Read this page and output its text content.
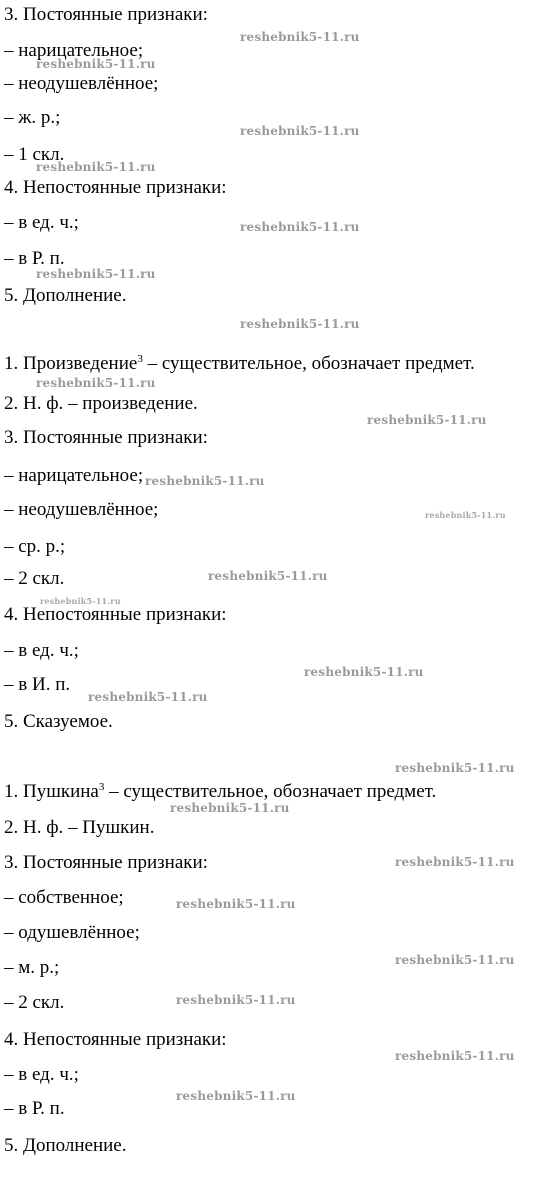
3. Постоянные признаки:
– нарицательное;
– неодушевлённое;
– ж. р.;
– 1 скл.
4. Непостоянные признаки:
– в ед. ч.;
– в Р. п.
5. Дополнение.
1. Произведение$^3$ – существительное, обозначает предмет.
2. Н. ф. – произведение.
3. Постоянные признаки:
– нарицательное;
– неодушевлённое;
– ср. р.;
– 2 скл.
4. Непостоянные признаки:
– в ед. ч.;
– в И. п.
5. Сказуемое.
1. Пушкина$^3$ – существительное, обозначает предмет.
2. Н. ф. – Пушкин.
3. Постоянные признаки:
– собственное;
– одушевлённое;
– м. р.;
– 2 скл.
4. Непостоянные признаки:
– в ед. ч.;
– в Р. п.
5. Дополнение.
reshebnik5-11.ru
reshebnik5-11.ru
reshebnik5-11.ru
reshebnik5-11.ru
reshebnik5-11.ru
reshebnik5-11.ru
reshebnik5-11.ru
reshebnik5-11.ru
reshebnik5-11.ru
reshebnik5-11.ru
reshebnik5-11.ru
reshebnik5-11.ru
reshebnik5-11.ru
reshebnik5-11.ru
reshebnik5-11.ru
reshebnik5-11.ru
reshebnik5-11.ru
reshebnik5-11.ru
reshebnik5-11.ru
reshebnik5-11.ru
reshebnik5-11.ru
reshebnik5-11.ru
reshebnik5-11.ru
